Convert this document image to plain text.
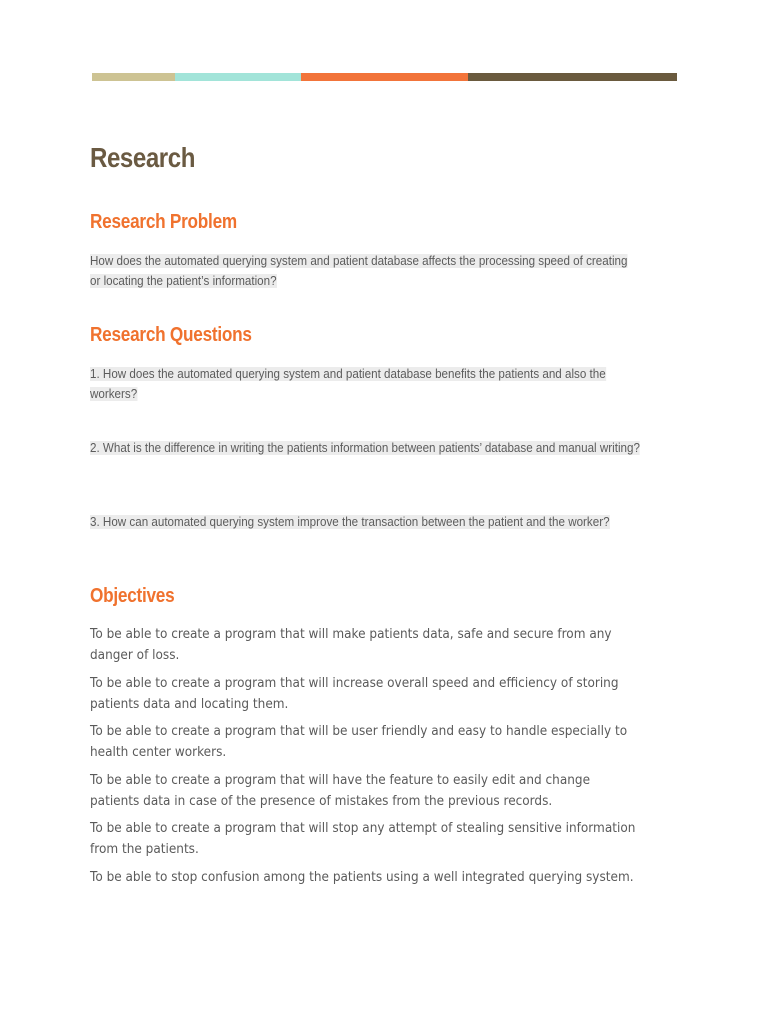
Research
Research Problem

How does the automated querying system and patient database affects the processing speed of creating or locating the patient’s information?

Research Questions

1. How does the automated querying system and patient database benefits the patients and also the workers?

2. What is the difference in writing the patients information between patients’ database and manual writing?

3. How can automated querying system improve the transaction between the patient and the worker?

Objectives

To be able to create a program that will make patients data, safe and secure from any danger of loss.

To be able to create a program that will increase overall speed and efficiency of storing patients data and locating them.

To be able to create a program that will be user friendly and easy to handle especially to health center workers.

To be able to create a program that will have the feature to easily edit and change patients data in case of the presence of mistakes from the previous records.

To be able to create a program that will stop any attempt of stealing sensitive information from the patients.

To be able to stop confusion among the patients using a well integrated querying system.
